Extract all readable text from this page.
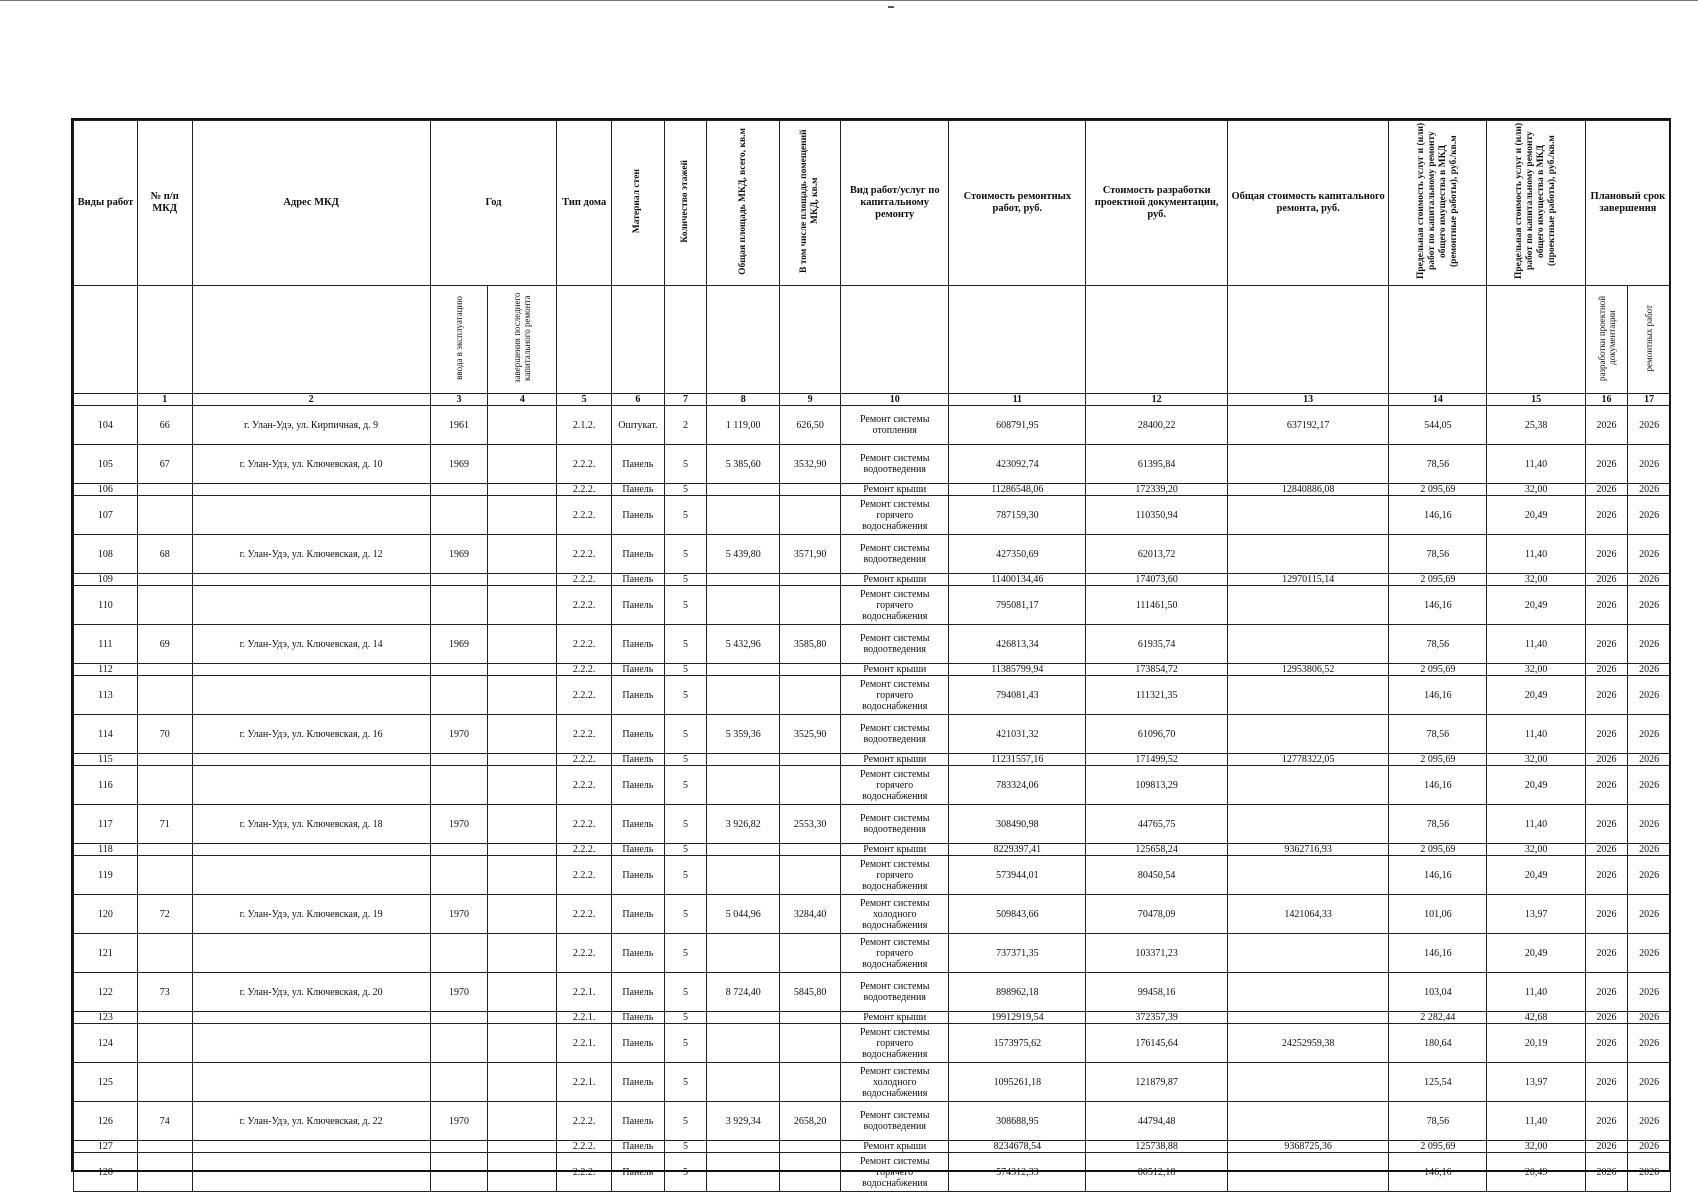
Виды работ	№ п/п МКД	Адрес МКД	Год		Тип дома	Материал стен	Количество этажей	Общая площадь МКД, всего, кв.м	В том числе площадь помещений МКД, кв.м	Вид работ/услуг по капитальному ремонту	Стоимость ремонтных работ, руб.	Стоимость разработки проектной документации, руб.	Общая стоимость капитального ремонта, руб.	Предельная стоимость услуг и (или) работ по капитальному ремонту общего имущества в МКД (ремонтные работы), руб./кв.м	Предельная стоимость услуг и (или) работ по капитальному ремонту общего имущества в МКД (проектные работы), руб./кв.м	Плановый срок завершения	
			ввода в эксплуатацию	завершения последнего капитального ремонта												разработки проектной документации	ремонтных работ
	1	2	3	4	5	6	7	8	9	10	11	12	13	14	15	16	17
104	66	г. Улан-Удэ, ул. Кирпичная, д. 9	1961		2.1.2.	Оштукат.	2	1 119,00	626,50	Ремонт системы отопления	608791,95	28400,22	637192,17	544,05	25,38	2026	2026
105	67	г. Улан-Удэ, ул. Ключевская, д. 10	1969		2.2.2.	Панель	5	5 385,60	3532,90	Ремонт системы водоотведения	423092,74	61395,84		78,56	11,40	2026	2026
106					2.2.2.	Панель	5			Ремонт крыши	11286548,06	172339,20	12840886,08	2 095,69	32,00	2026	2026
107					2.2.2.	Панель	5			Ремонт системы горячего водоснабжения	787159,30	110350,94		146,16	20,49	2026	2026
108	68	г. Улан-Удэ, ул. Ключевская, д. 12	1969		2.2.2.	Панель	5	5 439,80	3571,90	Ремонт системы водоотведения	427350,69	62013,72		78,56	11,40	2026	2026
109					2.2.2.	Панель	5			Ремонт крыши	11400134,46	174073,60	12970115,14	2 095,69	32,00	2026	2026
110					2.2.2.	Панель	5			Ремонт системы горячего водоснабжения	795081,17	111461,50		146,16	20,49	2026	2026
111	69	г. Улан-Удэ, ул. Ключевская, д. 14	1969		2.2.2.	Панель	5	5 432,96	3585,80	Ремонт системы водоотведения	426813,34	61935,74		78,56	11,40	2026	2026
112					2.2.2.	Панель	5			Ремонт крыши	11385799,94	173854,72	12953806,52	2 095,69	32,00	2026	2026
113					2.2.2.	Панель	5			Ремонт системы горячего водоснабжения	794081,43	111321,35		146,16	20,49	2026	2026
114	70	г. Улан-Удэ, ул. Ключевская, д. 16	1970		2.2.2.	Панель	5	5 359,36	3525,90	Ремонт системы водоотведения	421031,32	61096,70		78,56	11,40	2026	2026
115					2.2.2.	Панель	5			Ремонт крыши	11231557,16	171499,52	12778322,05	2 095,69	32,00	2026	2026
116					2.2.2.	Панель	5			Ремонт системы горячего водоснабжения	783324,06	109813,29		146,16	20,49	2026	2026
117	71	г. Улан-Удэ, ул. Ключевская, д. 18	1970		2.2.2.	Панель	5	3 926,82	2553,30	Ремонт системы водоотведения	308490,98	44765,75		78,56	11,40	2026	2026
118					2.2.2.	Панель	5			Ремонт крыши	8229397,41	125658,24	9362716,93	2 095,69	32,00	2026	2026
119					2.2.2.	Панель	5			Ремонт системы горячего водоснабжения	573944,01	80450,54		146,16	20,49	2026	2026
120	72	г. Улан-Удэ, ул. Ключевская, д. 19	1970		2.2.2.	Панель	5	5 044,96	3284,40	Ремонт системы холодного водоснабжения	509843,66	70478,09	1421064,33	101,06	13,97	2026	2026
121					2.2.2.	Панель	5			Ремонт системы горячего водоснабжения	737371,35	103371,23		146,16	20,49	2026	2026
122	73	г. Улан-Удэ, ул. Ключевская, д. 20	1970		2.2.1.	Панель	5	8 724,40	5845,80	Ремонт системы водоотведения	898962,18	99458,16		103,04	11,40	2026	2026
123					2.2.1.	Панель	5			Ремонт крыши	19912919,54	372357,39		2 282,44	42,68	2026	2026
124					2.2.1.	Панель	5			Ремонт системы горячего водоснабжения	1573975,62	176145,64	24252959,38	180,64	20,19	2026	2026
125					2.2.1.	Панель	5			Ремонт системы холодного водоснабжения	1095261,18	121879,87		125,54	13,97	2026	2026
126	74	г. Улан-Удэ, ул. Ключевская, д. 22	1970		2.2.2.	Панель	5	3 929,34	2658,20	Ремонт системы водоотведения	308688,95	44794,48		78,56	11,40	2026	2026
127					2.2.2.	Панель	5			Ремонт крыши	8234678,54	125738,88	9368725,36	2 095,69	32,00	2026	2026
128					2.2.2.	Панель	5			Ремонт системы горячего водоснабжения	574312,33	80512,18		146,16	20,49	2026	2026
